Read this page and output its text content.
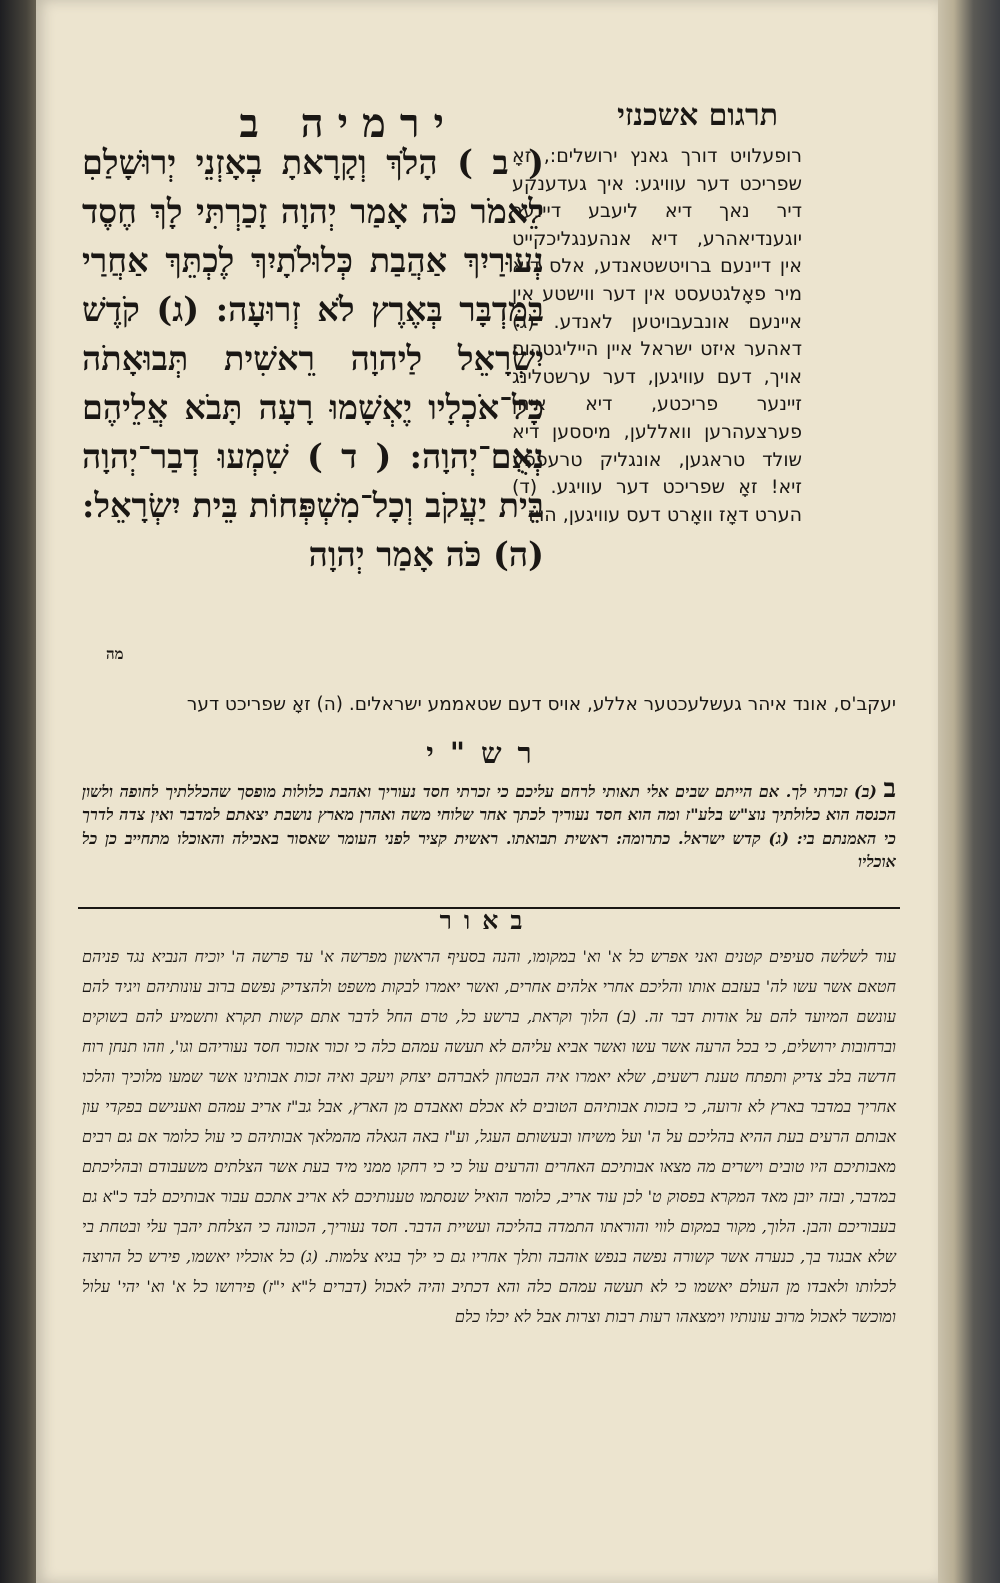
תרגום אשכנזי
ירמיה ב
רופעלויט דורך גאנץ ירושלים:, זאָ שפריכט דער עוויגע: איך געדענקע דיר נאך דיא ליעבע דיינער יוגענדיאהרע, דיא אנהענגליכקייט אין דיינעם ברויטשטאנדע, אלס דוא מיר פאָלגטעסט אין דער ווישטע אין איינעם אונבעבויטען לאנדע. (ג) דאהער איזט ישראל איין הייליגטהום אויך, דעם עוויגען, דער ערשטלינג זיינער פריכטע, דיא איהן פערצעהרען וואללען, מיססען דיא שולד טראגען, אונגליק טרעפפע זיא! זאָ שפריכט דער עוויגע. (ד) הערט דאָז וואָרט דעס עוויגען, הויז
( ב ) הָלֹךְ וְקָרָאתָ בְאָזְנֵי יְרוּשָׁלַםִ לֵאמֹר כֹּה אָמַר יְהוָה זָכַרְתִּי לָךְ חֶסֶד נְעוּרַיִךְ אַהֲבַת כְּלוּלֹתָיִךְ לֶכְתֵּךְ אַחֲרַי בַּמִּדְבָּר בְּאֶרֶץ לֹא זְרוּעָה: (ג) קֹדֶשׁ יִשְׂרָאֵל לַיהוָה רֵאשִׁית תְּבוּאָתֹה כָּל־אֹכְלָיו יֶאְשָׁמוּ רָעָה תָּבֹא אֲלֵיהֶם נְאֻם־יְהוָה: ( ד ) שִׁמְעוּ דְבַר־יְהוָה בֵּית יַעֲקֹב וְכָל־מִשְׁפְּחוֹת בֵּית יִשְׂרָאֵל: (ה) כֹּה אָמַר יְהוָה
מה
יעקב'ס, אונד איהר געשלעכטער אללע, אויס דעם שטאממע ישראלים. (ה) זאָ שפריכט דער
רש"י
ב (ב) זכרתי לך. אם הייתם שבים אלי תאותי לרחם עליכם כי זכרתי חסד נעוריך ואהבת כלולות מופסך שהכללתיך לחופה ולשון הכנסה הוא כלולתיך נוצ"ש בלע"ז ומה הוא חסד נעוריך לכתך אחר שלוחי משה ואהרן מארץ נושבת יצאתם למדבר ואין צדה לדרך כי האמנתם בי: (ג) קדש ישראל. כתרומה: ראשית תבואתו. ראשית קציר לפני העומר שאסור באכילה והאוכלו מתחייב כן כל אוכליו
באור
עוד לשלשה סעיפים קטנים ואני אפרש כל א' וא' במקומו, והנה בסעיף הראשון מפרשה א' עד פרשה ה' יוכיח הנביא נגד פניהם חטאם אשר עשו לה' בעזבם אותו והליכם אחרי אלהים אחרים, ואשר יאמרו לבקות משפט ולהצדיק נפשם ברוב עונותיהם ויגיד להם עונשם המיועד להם על אודות דבר זה. (ב) הלוך וקראת, ברשע כל, טרם החל לדבר אתם קשות תקרא ותשמיע להם בשוקים וברחובות ירושלים, כי בכל הרעה אשר עשו ואשר אביא עליהם לא תעשה עמהם כלה כי זכור אזכור חסד נעוריהם וגו', וזהו תנחן רוח חדשה בלב צדיק ותפתח טענת רשעים, שלא יאמרו איה הבטחון לאברהם יצחק ויעקב ואיה זכות אבותינו אשר שמעו מלוכיך והלכו אחריך במדבר בארץ לא זרועה, כי בזכות אבותיהם הטובים לא אכלם ואאבדם מן הארץ, אבל גב"ז אריב עמהם ואענישם בפקדי עון אבותם הרעים בעת ההיא בהליכם על ה' ועל משיחו ובעשותם העגל, וע"ז באה הגאלה מהמלאך אבותיהם כי עול כלומר אם גם רבים מאבותיכם היו טובים וישרים מה מצאו אבותיכם האחרים והרעים עול כי כי רחקו ממני מיד בעת אשר הצלתים משעבודם ובהליכתם במדבר, ובזה יובן מאד המקרא בפסוק ט' לכן עוד אריב, כלומר הואיל שנסתמו טענותיכם לא אריב אתכם עבור אבותיכם לבד כ"א גם בעבוריכם והבן. הלוך, מקור במקום לווי והוראתו התמדה בהליכה ועשיית הדבר. חסד נעוריך, הכוונה כי הצלחת יהבך עלי ובטחת בי שלא אבגוד בך, כנערה אשר קשורה נפשה בנפש אוהבה ותלך אחריו גם כי ילך בגיא צלמות. (ג) כל אוכליו יאשמו, פירש כל הרוצה לכלותו ולאבדו מן העולם יאשמו כי לא תעשה עמהם כלה והא דכתיב והיה לאכול (דברים ל"א י"ז) פירושו כל א' וא' יהי' עלול ומוכשר לאכול מרוב עונותיו וימצאהו רעות רבות וצרות אבל לא יכלו כלם
